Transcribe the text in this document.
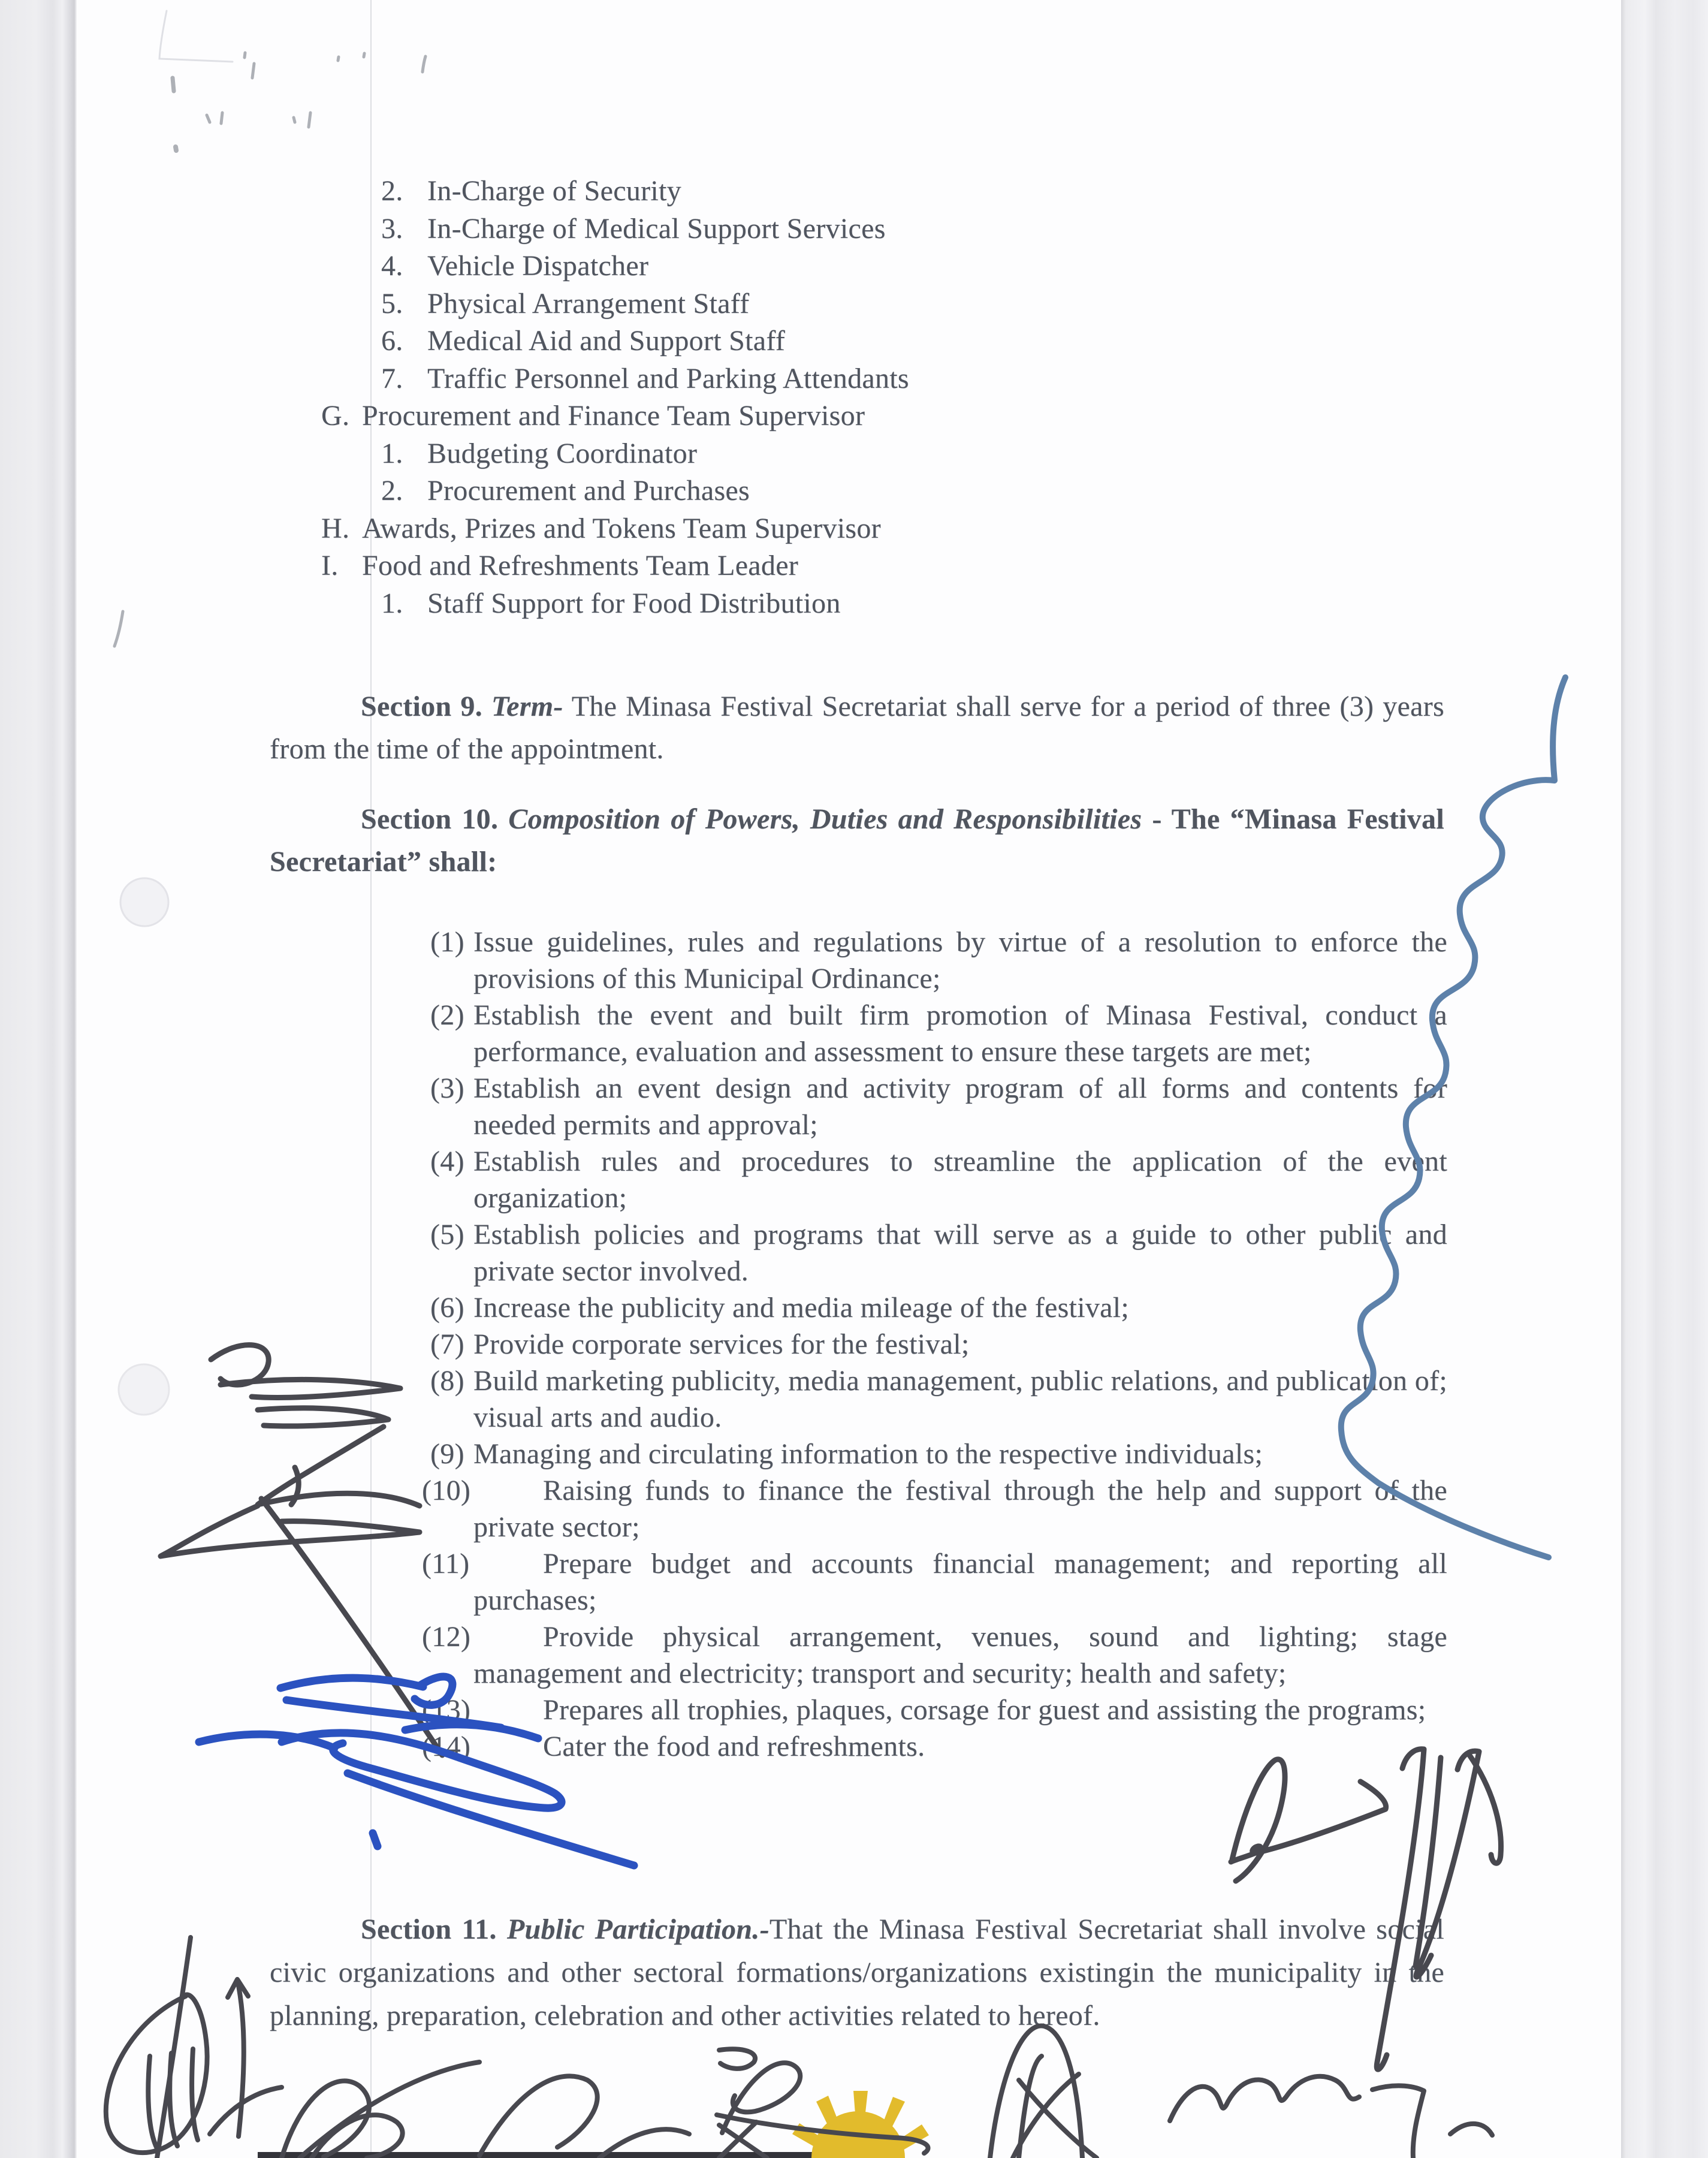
2. In-Charge of Security
3. In-Charge of Medical Support Services
4. Vehicle Dispatcher
5. Physical Arrangement Staff
6. Medical Aid and Support Staff
7. Traffic Personnel and Parking Attendants
G. Procurement and Finance Team Supervisor
1. Budgeting Coordinator
2. Procurement and Purchases
H. Awards, Prizes and Tokens Team Supervisor
I. Food and Refreshments Team Leader
1. Staff Support for Food Distribution

Section 9. Term- The Minasa Festival Secretariat shall serve for a period of three (3) years from the time of the appointment.

Section 10. Composition of Powers, Duties and Responsibilities - The “Minasa Festival Secretariat” shall:

(1) Issue guidelines, rules and regulations by virtue of a resolution to enforce the provisions of this Municipal Ordinance;

(2) Establish the event and built firm promotion of Minasa Festival, conduct a performance, evaluation and assessment to ensure these targets are met;

(3) Establish an event design and activity program of all forms and contents for needed permits and approval;

(4) Establish rules and procedures to streamline the application of the event organization;

(5) Establish policies and programs that will serve as a guide to other public and private sector involved.

(6) Increase the publicity and media mileage of the festival;

(7) Provide corporate services for the festival;

(8) Build marketing publicity, media management, public relations, and publication of; visual arts and audio.

(9) Managing and circulating information to the respective individuals;

(10)	Raising funds to finance the festival through the help and support of the private sector;

(11)	Prepare budget and accounts financial management; and reporting all purchases;

(12)	Provide physical arrangement, venues, sound and lighting; stage management and electricity; transport and security; health and safety;

(13)	Prepares all trophies, plaques, corsage for guest and assisting the programs;

(14)	Cater the food and refreshments.

Section 11. Public Participation.-That the Minasa Festival Secretariat shall involve social civic organizations and other sectoral formations/organizations existingin the municipality in the planning, preparation, celebration and other activities related to hereof.
